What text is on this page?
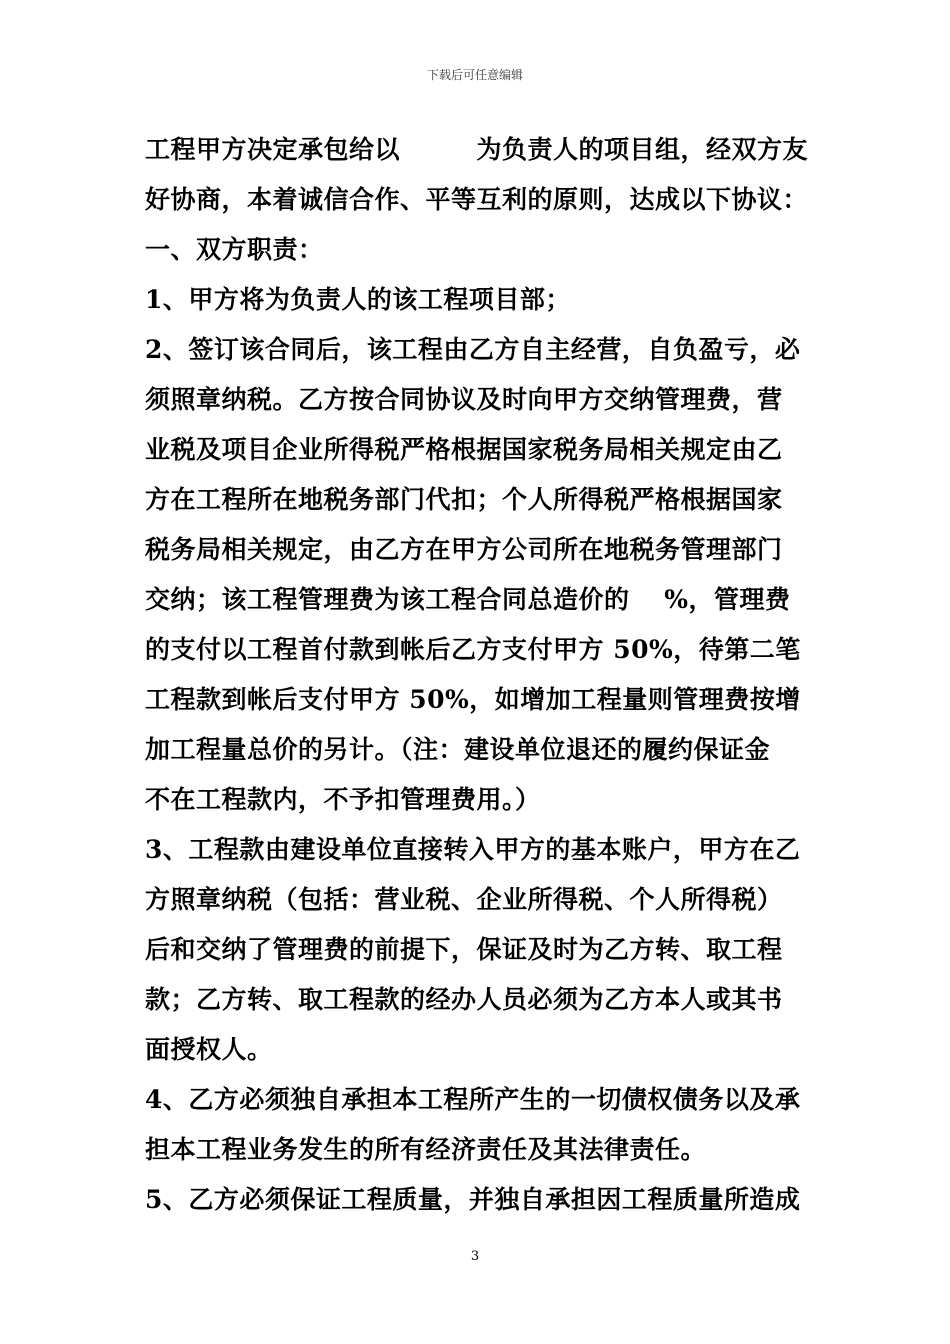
下载后可任意编辑
工程甲方决定承包给以　　　为负责人的项目组，经双方友
好协商，本着诚信合作、平等互利的原则，达成以下协议：
一、双方职责：
1、甲方将为负责人的该工程项目部；
2、签订该合同后，该工程由乙方自主经营，自负盈亏，必
须照章纳税。乙方按合同协议及时向甲方交纳管理费，营
业税及项目企业所得税严格根据国家税务局相关规定由乙
方在工程所在地税务部门代扣；个人所得税严格根据国家
税务局相关规定，由乙方在甲方公司所在地税务管理部门
交纳；该工程管理费为该工程合同总造价的　 %，管理费
的支付以工程首付款到帐后乙方支付甲方 50%，待第二笔
工程款到帐后支付甲方 50%，如增加工程量则管理费按增
加工程量总价的另计。（注：建设单位退还的履约保证金
不在工程款内，不予扣管理费用。）
3、工程款由建设单位直接转入甲方的基本账户，甲方在乙
方照章纳税（包括：营业税、企业所得税、个人所得税）
后和交纳了管理费的前提下，保证及时为乙方转、取工程
款；乙方转、取工程款的经办人员必须为乙方本人或其书
面授权人。
4、乙方必须独自承担本工程所产生的一切债权债务以及承
担本工程业务发生的所有经济责任及其法律责任。
5、乙方必须保证工程质量，并独自承担因工程质量所造成
3
